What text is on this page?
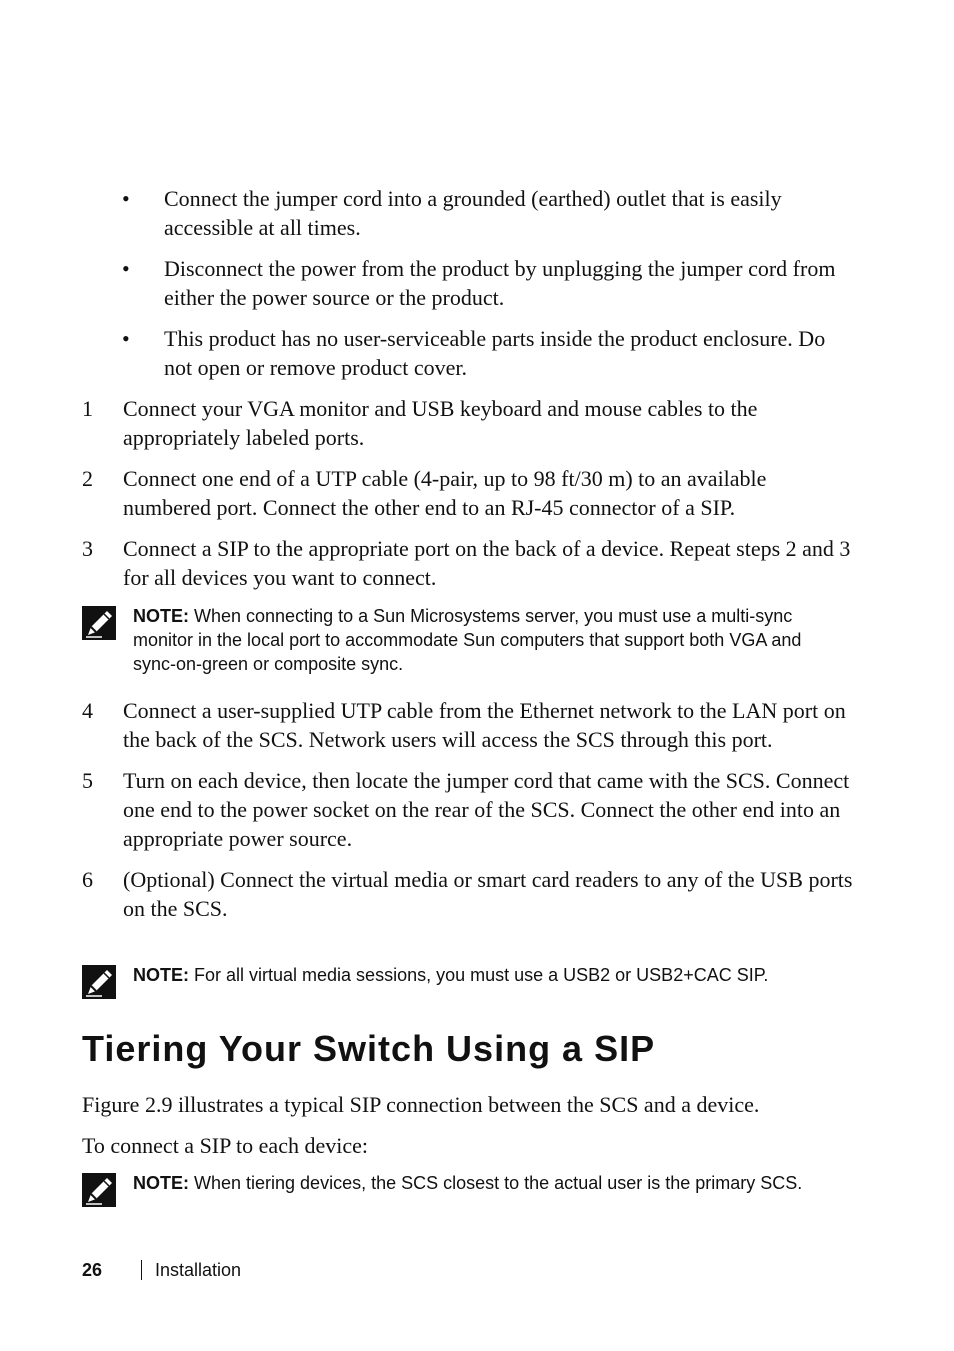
•	Connect the jumper cord into a grounded (earthed) outlet that is easily accessible at all times.
•	Disconnect the power from the product by unplugging the jumper cord from either the power source or the product.
•	This product has no user-serviceable parts inside the product enclosure. Do not open or remove product cover.
1	Connect your VGA monitor and USB keyboard and mouse cables to the appropriately labeled ports.
2	Connect one end of a UTP cable (4-pair, up to 98 ft/30 m) to an available numbered port. Connect the other end to an RJ-45 connector of a SIP.
3	Connect a SIP to the appropriate port on the back of a device. Repeat steps 2 and 3 for all devices you want to connect.
NOTE: When connecting to a Sun Microsystems server, you must use a multi-sync monitor in the local port to accommodate Sun computers that support both VGA and sync-on-green or composite sync.
4	Connect a user-supplied UTP cable from the Ethernet network to the LAN port on the back of the SCS. Network users will access the SCS through this port.
5	Turn on each device, then locate the jumper cord that came with the SCS. Connect one end to the power socket on the rear of the SCS. Connect the other end into an appropriate power source.
6	(Optional) Connect the virtual media or smart card readers to any of the USB ports on the SCS.
NOTE: For all virtual media sessions, you must use a USB2 or USB2+CAC SIP.
Tiering Your Switch Using a SIP

Figure 2.9 illustrates a typical SIP connection between the SCS and a device.

To connect a SIP to each device:

NOTE: When tiering devices, the SCS closest to the actual user is the primary SCS.
26	Installation
